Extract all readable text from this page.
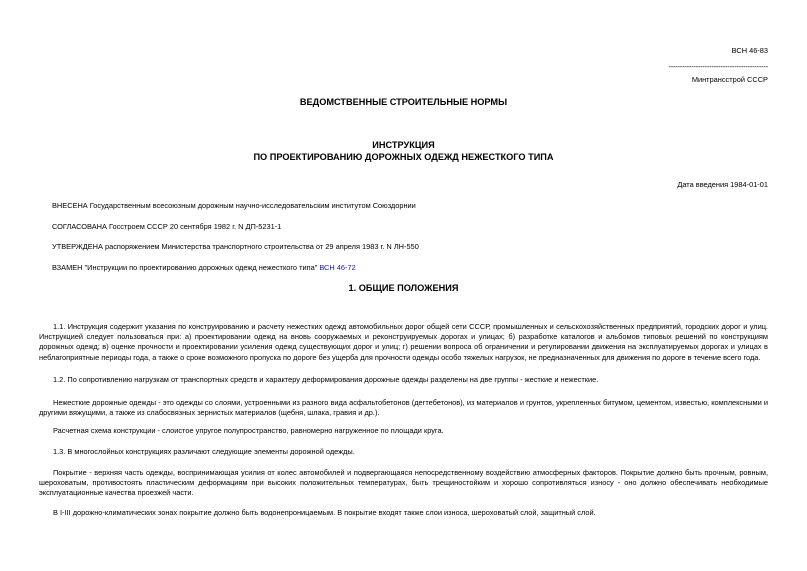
ВСН 46-83
--------------------------------------------
Минтрансстрой СССР
ВЕДОМСТВЕННЫЕ СТРОИТЕЛЬНЫЕ НОРМЫ
ИНСТРУКЦИЯ
ПО ПРОЕКТИРОВАНИЮ ДОРОЖНЫХ ОДЕЖД НЕЖЕСТКОГО ТИПА
Дата введения 1984-01-01
ВНЕСЕНА Государственным всесоюзным дорожным научно-исследовательским институтом Союздорнии
СОГЛАСОВАНА Госстроем СССР 20 сентября 1982 г. N ДП-5231-1
УТВЕРЖДЕНА распоряжением Министерства транспортного строительства от 29 апреля 1983 г. N ЛН-550
ВЗАМЕН "Инструкции по проектированию дорожных одежд нежесткого типа" ВСН 46-72
1. ОБЩИЕ ПОЛОЖЕНИЯ
1.1. Инструкция содержит указания по конструированию и расчету нежестких одежд автомобильных дорог общей сети СССР, промышленных и сельскохозяйственных предприятий, городских дорог и улиц. Инструкцией следует пользоваться при: а) проектировании одежд на вновь сооружаемых и реконструируемых дорогах и улицах; б) разработке каталогов и альбомов типовых решений по конструкциям дорожных одежд; в) оценке прочности и проектировании усиления одежд существующих дорог и улиц; г) решении вопроса об ограничении и регулировании движения на эксплуатируемых дорогах и улицах в неблагоприятные периоды года, а также о сроке возможного пропуска по дороге без ущерба для прочности одежды особо тяжелых нагрузок, не предназначенных для движения по дороге в течение всего года.
1.2. По сопротивлению нагрузкам от транспортных средств и характеру деформирования дорожные одежды разделены на две группы - жесткие и нежесткие.
Нежесткие дорожные одежды - это одежды со слоями, устроенными из разного вида асфальтобетонов (дегтебетонов), из материалов и грунтов, укрепленных битумом, цементом, известью, комплексными и другими вяжущими, а также из слабосвязных зернистых материалов (щебня, шлака, гравия и др.).
Расчетная схема конструкции - слоистое упругое полупространство, равномерно нагруженное по площади круга.
1.3. В многослойных конструкциях различают следующие элементы дорожной одежды.
Покрытие - верхняя часть одежды, воспринимающая усилия от колес автомобилей и подвергающаяся непосредственному воздействию атмосферных факторов. Покрытие должно быть прочным, ровным, шероховатым, противостоять пластическим деформациям при высоких положительных температурах, быть трещиностойким и хорошо сопротивляться износу - оно должно обеспечивать необходимые эксплуатационные качества проезжей части.
В I-III дорожно-климатических зонах покрытие должно быть водонепроницаемым. В покрытие входят также слои износа, шероховатый слой, защитный слой.
